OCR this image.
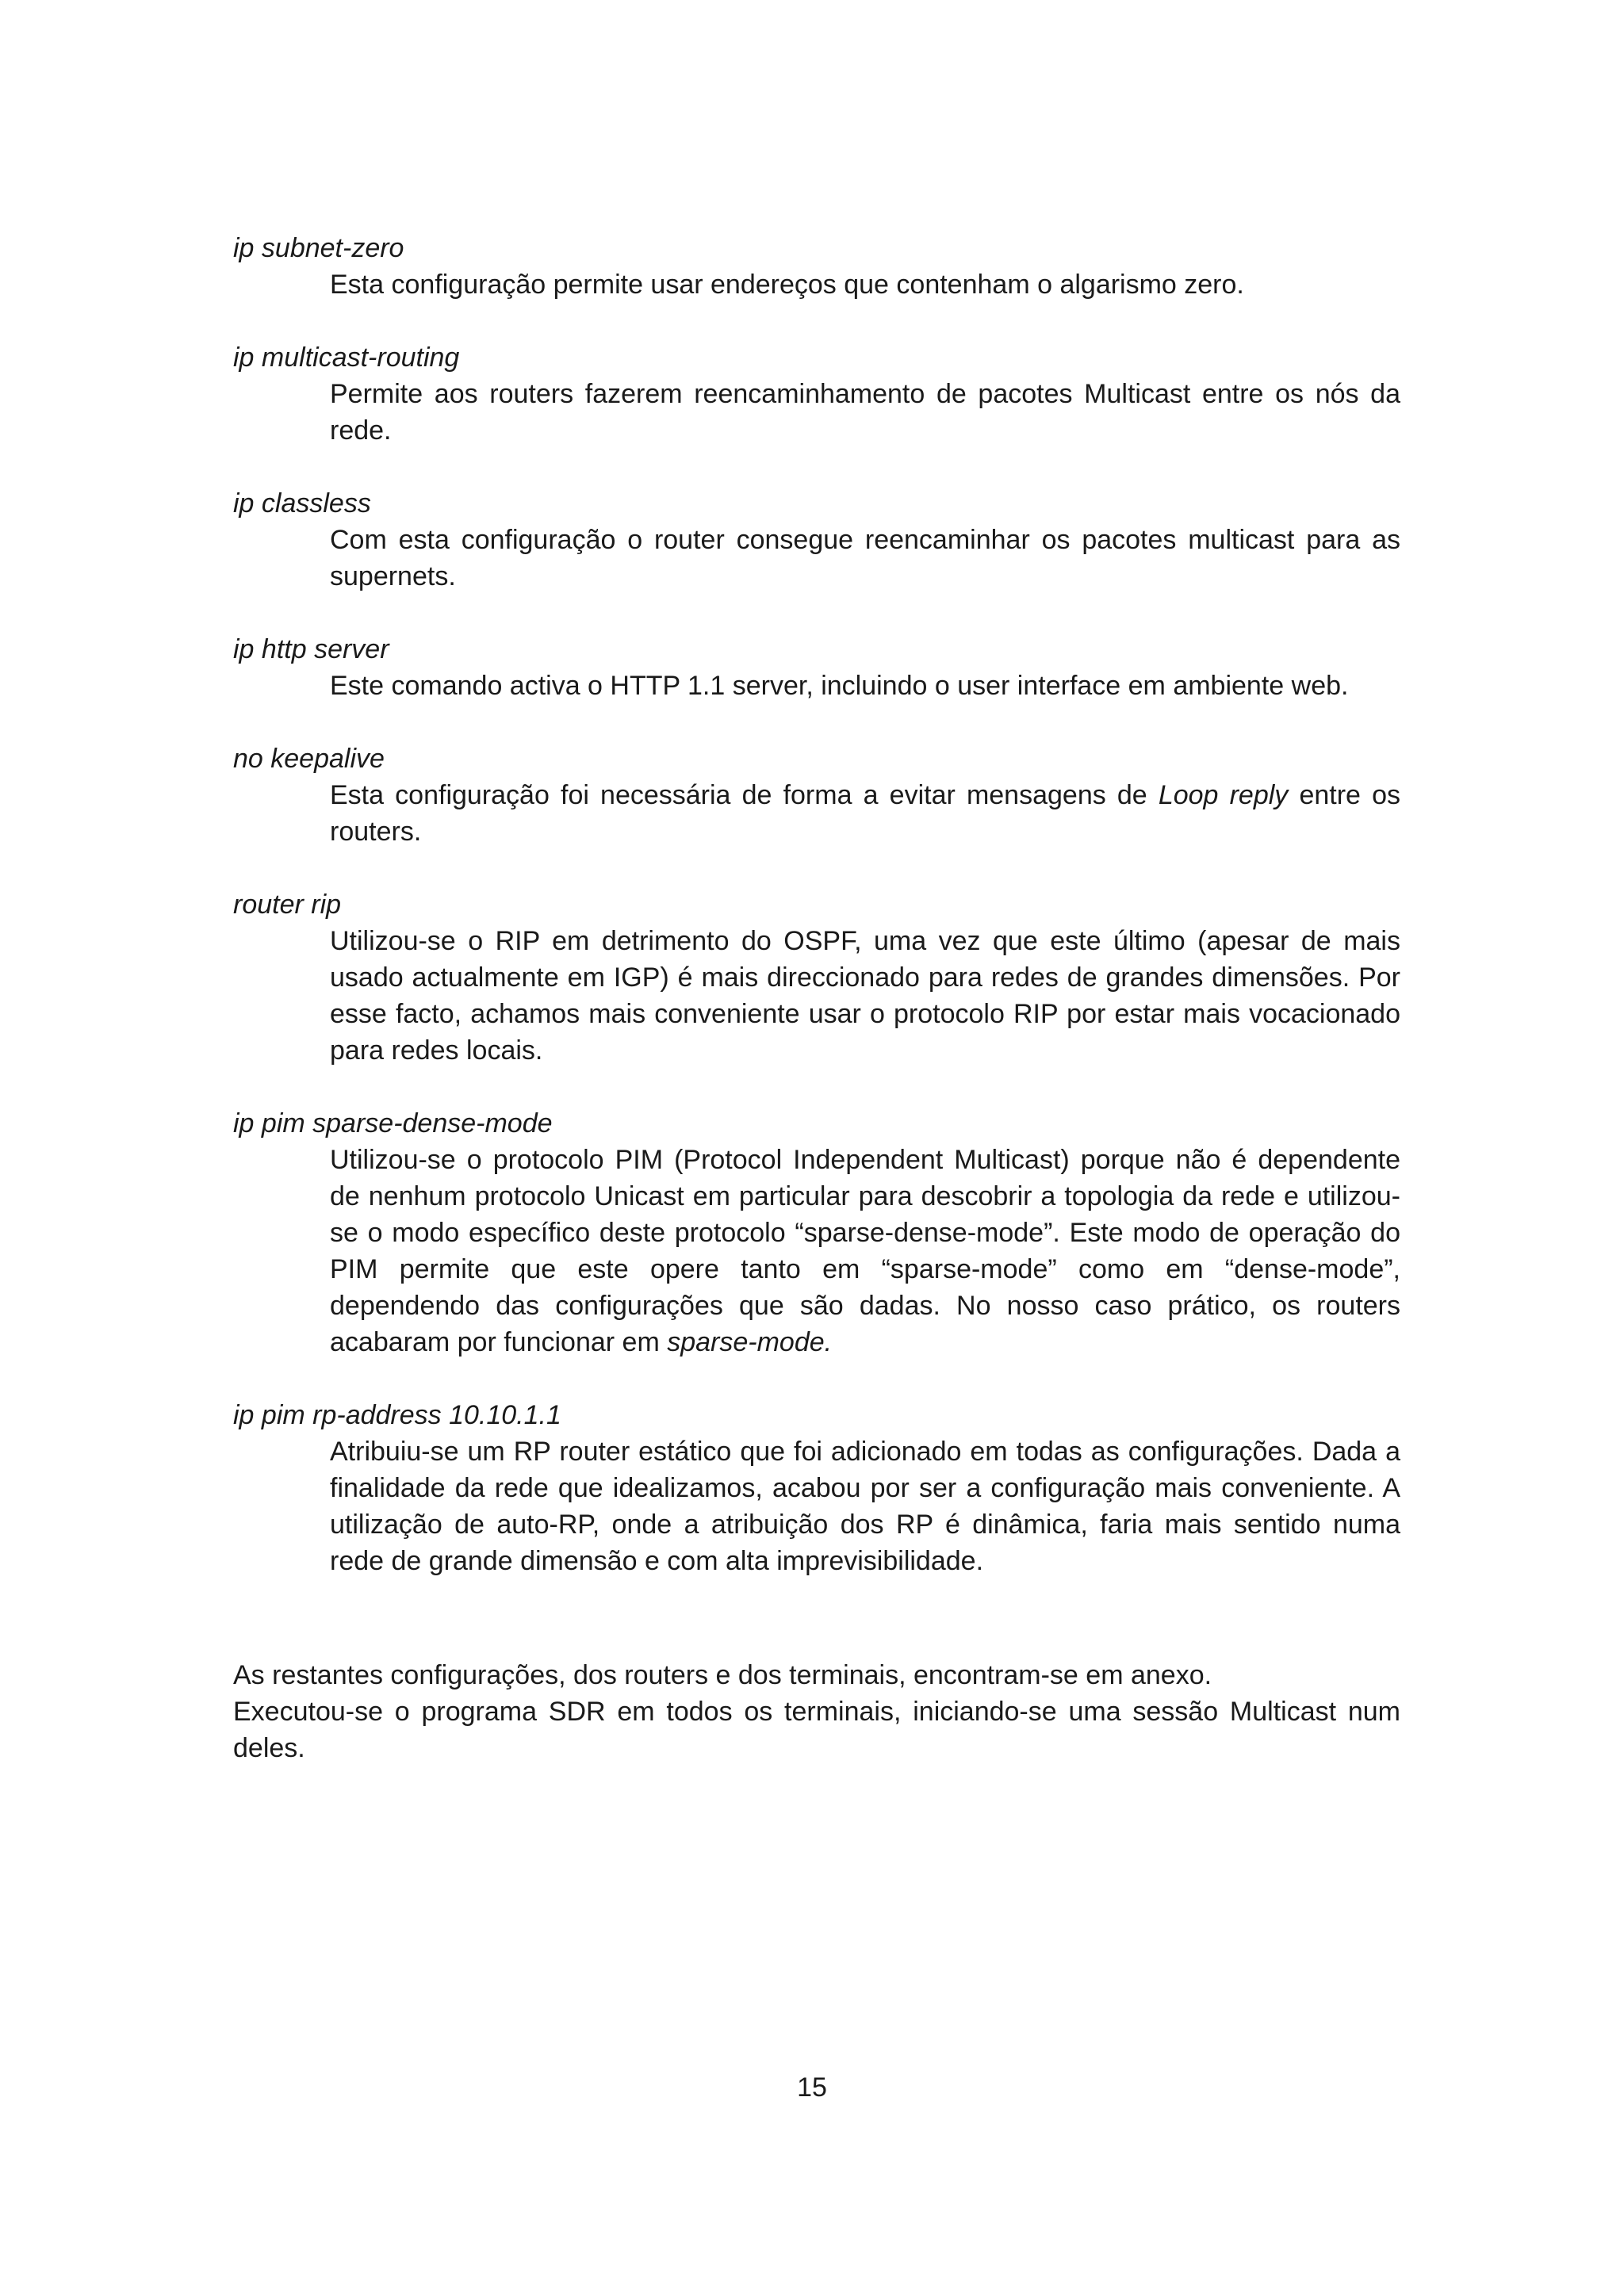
ip subnet-zero

Esta configuração permite usar endereços que contenham o algarismo zero.

ip multicast-routing

Permite aos routers fazerem reencaminhamento de pacotes Multicast entre os nós da rede.

ip classless

Com esta configuração o router consegue reencaminhar os pacotes multicast para as supernets.

ip http server

Este comando activa o HTTP 1.1 server, incluindo o user interface em ambiente web.

no keepalive

Esta configuração foi necessária de forma a evitar mensagens de Loop reply entre os routers.

router rip

Utilizou-se o RIP em detrimento do OSPF, uma vez que este último (apesar de mais usado actualmente em IGP) é mais direccionado para redes de grandes dimensões. Por esse facto, achamos mais conveniente usar o protocolo RIP por estar mais vocacionado para redes locais.

ip pim sparse-dense-mode

Utilizou-se o protocolo PIM (Protocol Independent Multicast) porque não é dependente de nenhum protocolo Unicast em particular para descobrir a topologia da rede e utilizou-se o modo específico deste protocolo “sparse-dense-mode”. Este modo de operação do PIM permite que este opere tanto em “sparse-mode” como em “dense-mode”, dependendo das configurações que são dadas. No nosso caso prático, os routers acabaram por funcionar em sparse-mode.

ip pim rp-address 10.10.1.1

Atribuiu-se um RP router estático que foi adicionado em todas as configurações. Dada a finalidade da rede que idealizamos, acabou por ser a configuração mais conveniente. A utilização de auto-RP, onde a atribuição dos RP é dinâmica, faria mais sentido numa rede de grande dimensão e com alta imprevisibilidade.

As restantes configurações, dos routers e dos terminais, encontram-se em anexo.

Executou-se o programa SDR em todos os terminais, iniciando-se uma sessão Multicast num deles.

15
